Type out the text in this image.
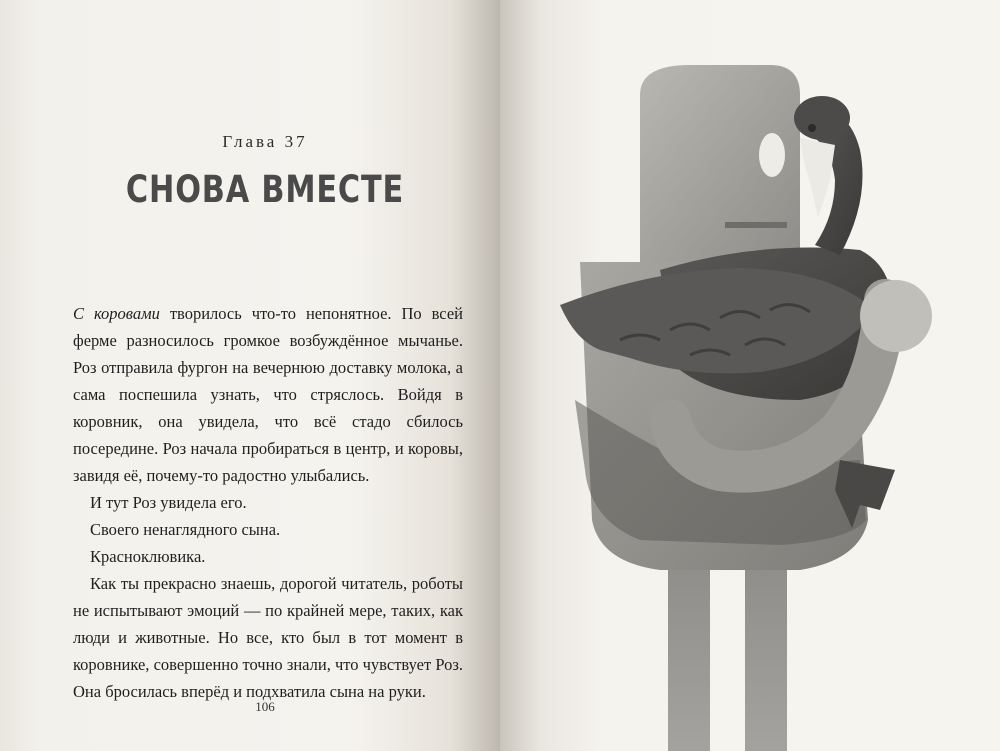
Глава 37
СНОВА ВМЕСТЕ

С коровами творилось что-то непонятное. По всей ферме разносилось громкое возбуждённое мычанье. Роз отправила фургон на вечернюю доставку молока, а сама поспешила узнать, что стряслось. Войдя в коровник, она увидела, что всё стадо сбилось посередине. Роз начала пробираться в центр, и коровы, завидя её, почему-то радостно улыбались.

И тут Роз увидела его.

Своего ненаглядного сына.

Красноклювика.

Как ты прекрасно знаешь, дорогой читатель, роботы не испытывают эмоций — по крайней мере, таких, как люди и животные. Но все, кто был в тот момент в коровнике, совершенно точно знали, что чувствует Роз. Она бросилась вперёд и подхватила сына на руки.

106
